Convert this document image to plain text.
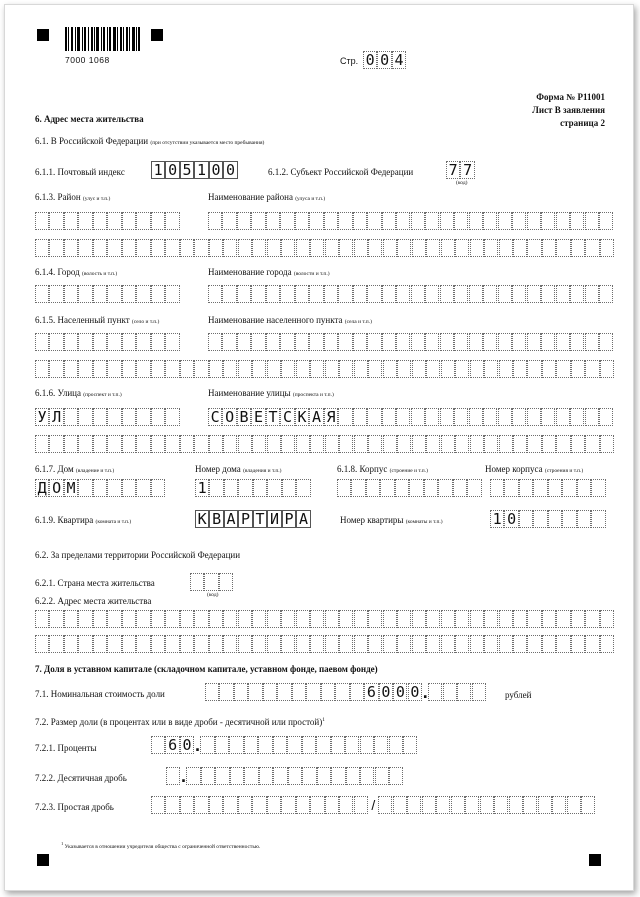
7000 1068	Стр. 0 0 4
Форма № Р11001
Лист В заявления
страница 2
6. Адрес места жительства
6.1. В Российской Федерации (при отсутствии указывается место пребывания)
6.1.1. Почтовый индекс 1 0 5 1 0 0	6.1.2. Субъект Российской Федерации 7 7
(код)
6.1.3. Район (улус и т.п.)	Наименование района (улуса и т.п.)
6.1.4. Город (волость и т.п.)	Наименование города (волости и т.п.)
6.1.5. Населенный пункт (село и т.п.)	Наименование населенного пункта (села и т.п.)
6.1.6. Улица (проспект и т.п.)	Наименование улицы (проспекта и т.п.)
У Л	С О В Е Т С К А Я
6.1.7. Дом (владение и т.п.)	Номер дома (владения и т.п.)	6.1.8. Корпус (строение и т.п.)	Номер корпуса (строения и т.п.)
Д О М	1
6.1.9. Квартира (комната и т.п.)	К В А Р Т И Р А	Номер квартиры (комнаты и т.п.)	1 0
6.2. За пределами территории Российской Федерации
6.2.1. Страна места жительства
(код)
6.2.2. Адрес места жительства
7. Доля в уставном капитале (складочном капитале, уставном фонде, паевом фонде)
7.1. Номинальная стоимость доли	6 0 0 0 .	рублей
7.2. Размер доли (в процентах или в виде дроби - десятичной или простой)$^1$
7.2.1. Проценты	6 0 .
7.2.2. Десятичная дробь	.
7.2.3. Простая дробь	/
$^1$ Указывается в отношении учредителя общества с ограниченной ответственностью.
